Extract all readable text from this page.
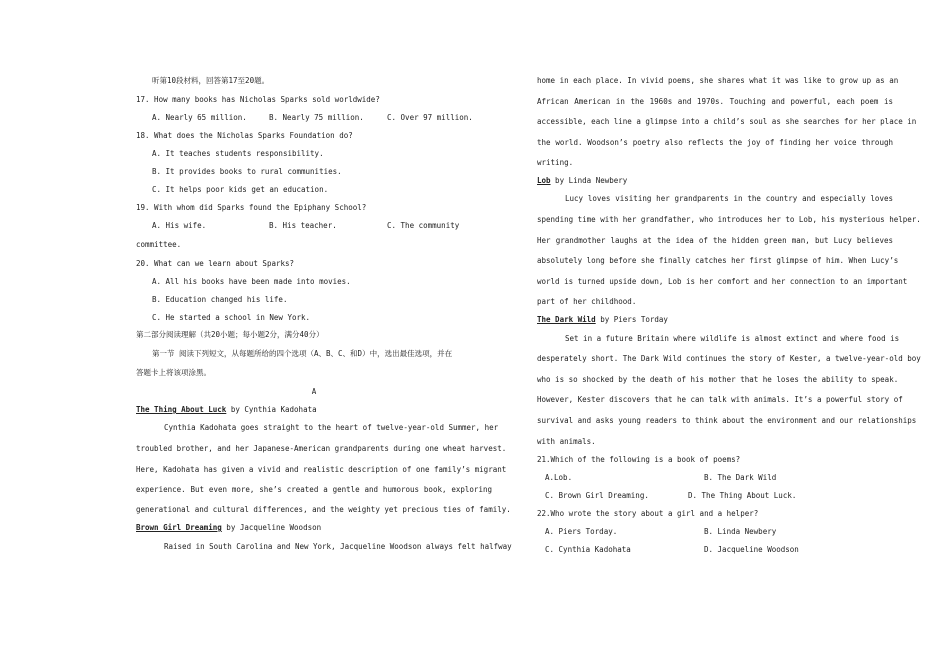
听第10段材料，回答第17至20题。
17. How many books has Nicholas Sparks sold worldwide?
A. Nearly 65 million.	B. Nearly 75 million.	C. Over 97 million.
18. What does the Nicholas Sparks Foundation do?
A. It teaches students responsibility.
B. It provides books to rural communities.
C. It helps poor kids get an education.
19. With whom did Sparks found the Epiphany School?
A. His wife.	B. His teacher.	C. The community
committee.
20. What can we learn about Sparks?
A. All his books have been made into movies.
B. Education changed his life.
C. He started a school in New York.
第二部分阅读理解（共20小题；每小题2分，满分40分）
第一节 阅读下列短文，从每题所给的四个选项（A、B、C、和D）中，选出最佳选项，并在
答题卡上将该项涂黑。
A
The Thing About Luck by Cynthia Kadohata
Cynthia Kadohata goes straight to the heart of twelve-year-old Summer, her
troubled brother, and her Japanese-American grandparents during one wheat harvest.
Here, Kadohata has given a vivid and realistic description of one family’s migrant
experience. But even more, she’s created a gentle and humorous book, exploring
generational and cultural differences, and the weighty yet precious ties of family.
Brown Girl Dreaming by Jacqueline Woodson
Raised in South Carolina and New York, Jacqueline Woodson always felt halfway
home in each place. In vivid poems, she shares what it was like to grow up as an
African American in the 1960s and 1970s. Touching and powerful, each poem is
accessible, each line a glimpse into a child’s soul as she searches for her place in
the world. Woodson’s poetry also reflects the joy of finding her voice through
writing.
Lob by Linda Newbery
Lucy loves visiting her grandparents in the country and especially loves
spending time with her grandfather, who introduces her to Lob, his mysterious helper.
Her grandmother laughs at the idea of the hidden green man, but Lucy believes
absolutely long before she finally catches her first glimpse of him. When Lucy’s
world is turned upside down, Lob is her comfort and her connection to an important
part of her childhood.
The Dark Wild by Piers Torday
Set in a future Britain where wildlife is almost extinct and where food is
desperately short. The Dark Wild continues the story of Kester, a twelve-year-old boy
who is so shocked by the death of his mother that he loses the ability to speak.
However, Kester discovers that he can talk with animals. It’s a powerful story of
survival and asks young readers to think about the environment and our relationships
with animals.
21.Which of the following is a book of poems?
A.Lob.	B. The Dark Wild
C. Brown Girl Dreaming.	D. The Thing About Luck.
22.Who wrote the story about a girl and a helper?
A. Piers Torday.	B. Linda Newbery
C. Cynthia Kadohata	D. Jacqueline Woodson
